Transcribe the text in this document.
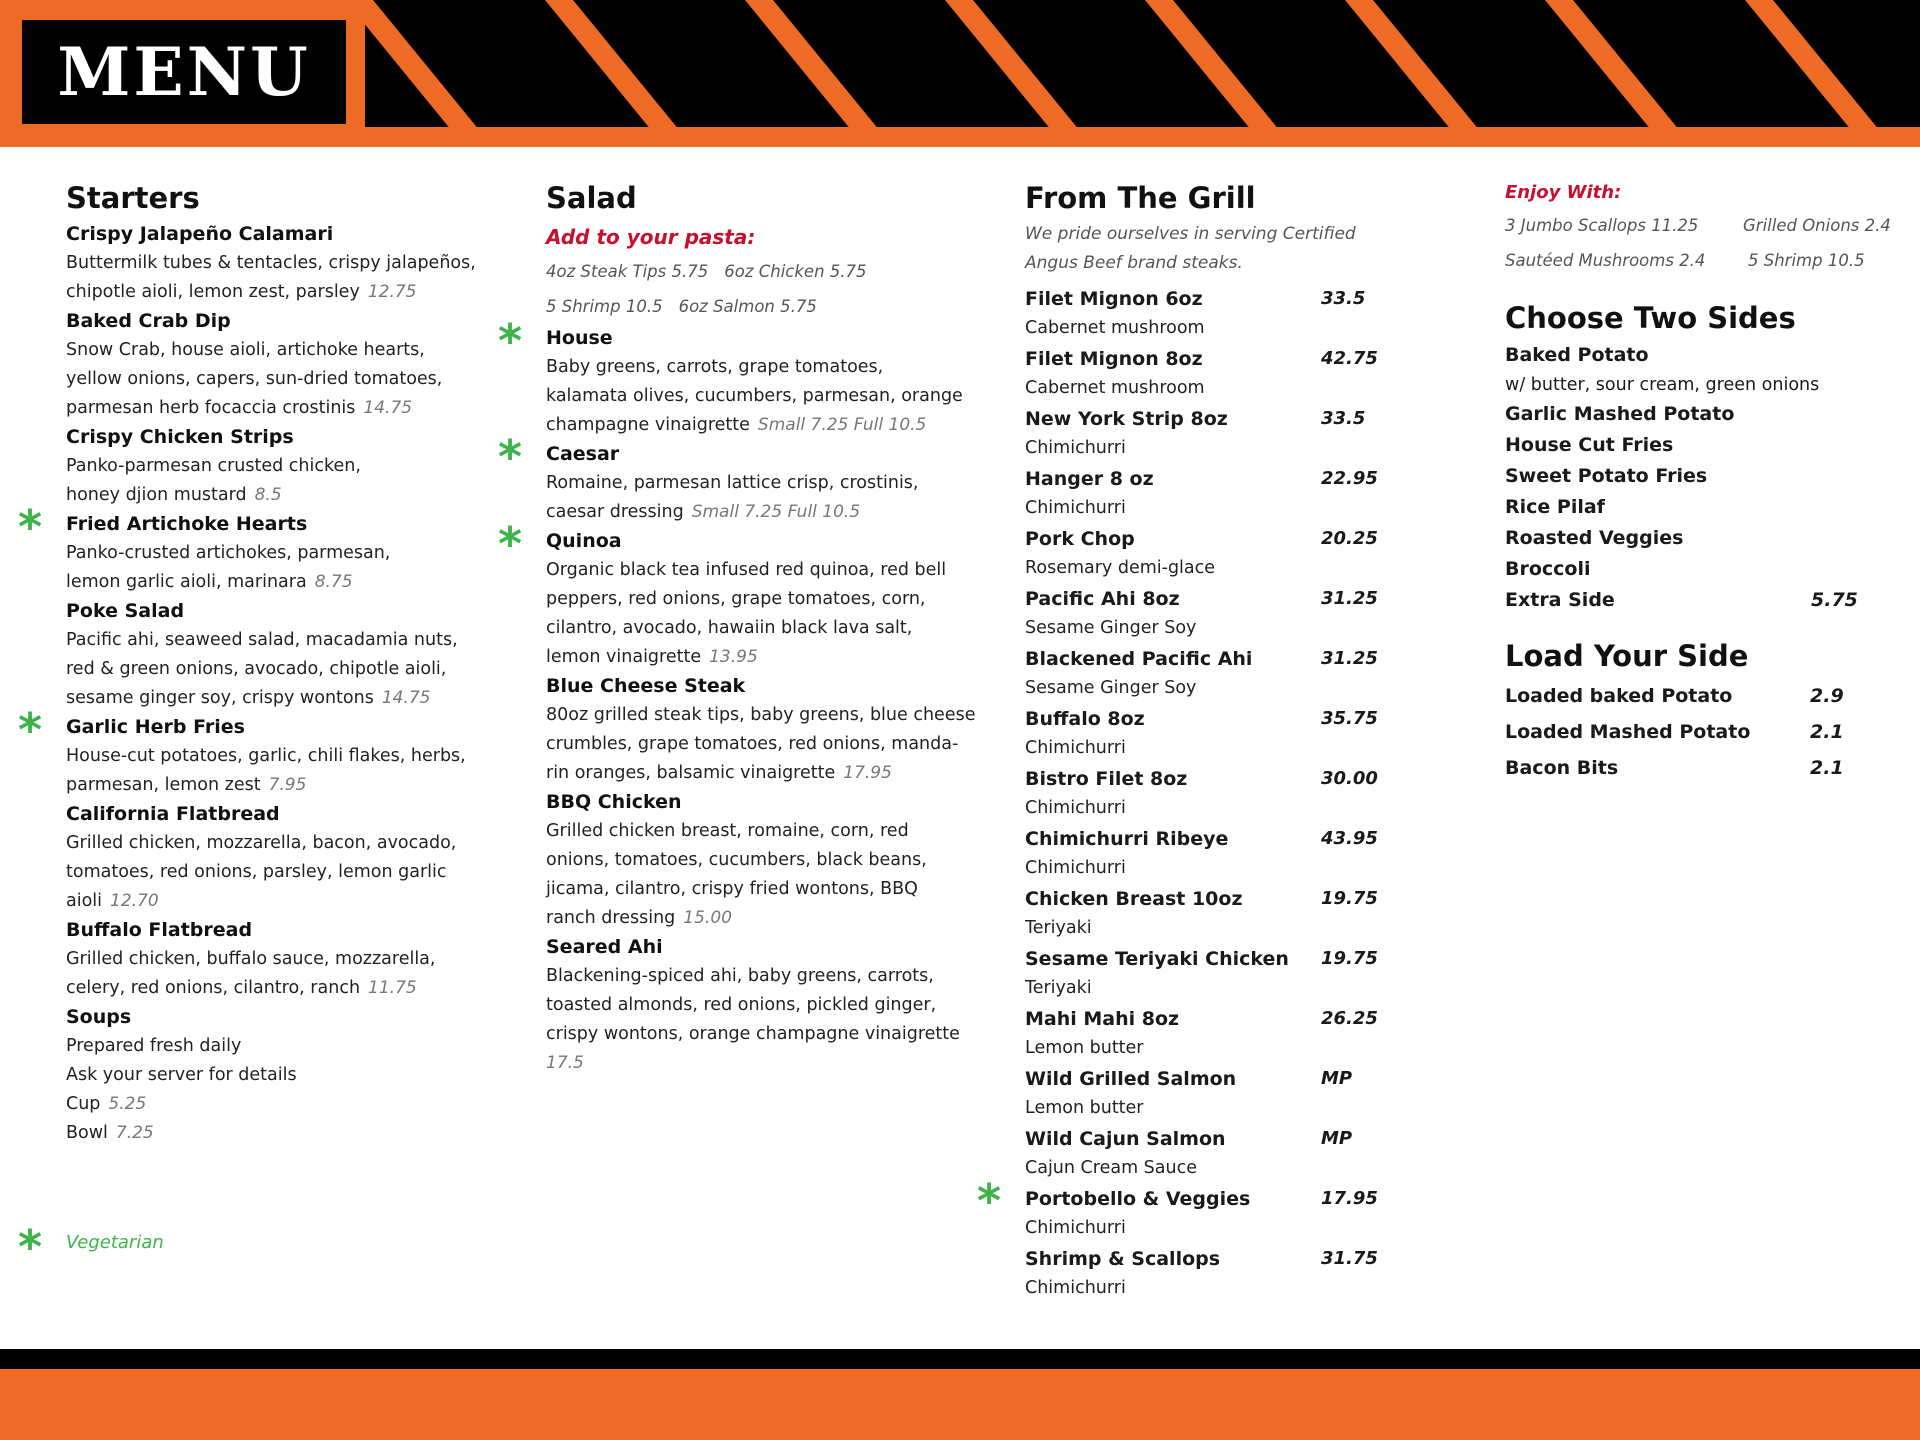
MENU
Starters
Crispy Jalapeño Calamari
Buttermilk tubes & tentacles, crispy jalapeños,
chipotle aioli, lemon zest, parsley 12.75
Baked Crab Dip
Snow Crab, house aioli, artichoke hearts,
yellow onions, capers, sun-dried tomatoes,
parmesan herb focaccia crostinis 14.75
Crispy Chicken Strips
Panko-parmesan crusted chicken,
honey djion mustard 8.5
* Fried Artichoke Hearts
Panko-crusted artichokes, parmesan,
lemon garlic aioli, marinara 8.75
Poke Salad
Pacific ahi, seaweed salad, macadamia nuts,
red & green onions, avocado, chipotle aioli,
sesame ginger soy, crispy wontons 14.75
* Garlic Herb Fries
House-cut potatoes, garlic, chili flakes, herbs,
parmesan, lemon zest 7.95
California Flatbread
Grilled chicken, mozzarella, bacon, avocado,
tomatoes, red onions, parsley, lemon garlic
aioli 12.70
Buffalo Flatbread
Grilled chicken, buffalo sauce, mozzarella,
celery, red onions, cilantro, ranch 11.75
Soups
Prepared fresh daily
Ask your server for details
Cup 5.25
Bowl 7.25
* Vegetarian
Salad
Add to your pasta:
4oz Steak Tips 5.75 6oz Chicken 5.75
5 Shrimp 10.5 6oz Salmon 5.75
* House
Baby greens, carrots, grape tomatoes,
kalamata olives, cucumbers, parmesan, orange
champagne vinaigrette Small 7.25 Full 10.5
* Caesar
Romaine, parmesan lattice crisp, crostinis,
caesar dressing Small 7.25 Full 10.5
* Quinoa
Organic black tea infused red quinoa, red bell
peppers, red onions, grape tomatoes, corn,
cilantro, avocado, hawaiin black lava salt,
lemon vinaigrette 13.95
Blue Cheese Steak
80oz grilled steak tips, baby greens, blue cheese
crumbles, grape tomatoes, red onions, manda-
rin oranges, balsamic vinaigrette 17.95
BBQ Chicken
Grilled chicken breast, romaine, corn, red
onions, tomatoes, cucumbers, black beans,
jicama, cilantro, crispy fried wontons, BBQ
ranch dressing 15.00
Seared Ahi
Blackening-spiced ahi, baby greens, carrots,
toasted almonds, red onions, pickled ginger,
crispy wontons, orange champagne vinaigrette
17.5
From The Grill
We pride ourselves in serving Certified
Angus Beef brand steaks.
Filet Mignon 6oz	33.5
Cabernet mushroom
Filet Mignon 8oz	42.75
Cabernet mushroom
New York Strip 8oz	33.5
Chimichurri
Hanger 8 oz	22.95
Chimichurri
Pork Chop	20.25
Rosemary demi-glace
Pacific Ahi 8oz	31.25
Sesame Ginger Soy
Blackened Pacific Ahi	31.25
Sesame Ginger Soy
Buffalo 8oz	35.75
Chimichurri
Bistro Filet 8oz	30.00
Chimichurri
Chimichurri Ribeye	43.95
Chimichurri
Chicken Breast 10oz	19.75
Teriyaki
Sesame Teriyaki Chicken	19.75
Teriyaki
Mahi Mahi 8oz	26.25
Lemon butter
Wild Grilled Salmon	MP
Lemon butter
Wild Cajun Salmon	MP
Cajun Cream Sauce
* Portobello & Veggies	17.95
Chimichurri
Shrimp & Scallops	31.75
Chimichurri
Enjoy With:
3 Jumbo Scallops 11.25	Grilled Onions 2.4
Sautéed Mushrooms 2.4	5 Shrimp 10.5
Choose Two Sides
Baked Potato
w/ butter, sour cream, green onions
Garlic Mashed Potato
House Cut Fries
Sweet Potato Fries
Rice Pilaf
Roasted Veggies
Broccoli
Extra Side	5.75
Load Your Side
Loaded baked Potato	2.9
Loaded Mashed Potato	2.1
Bacon Bits	2.1
